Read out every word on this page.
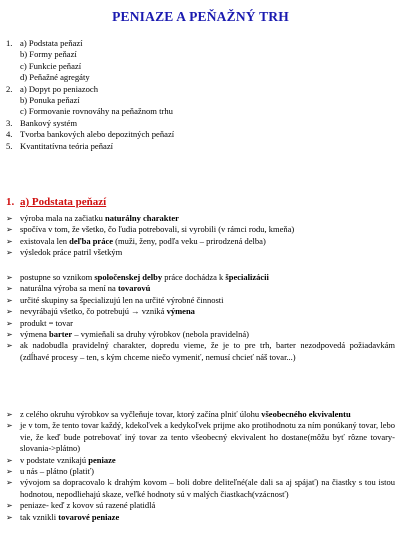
PENIAZE A PEŇAŽNÝ TRH
1. a) Podstata peňazí
b) Formy peňazí
c) Funkcie peňazí
d) Peňažné agregáty
2. a) Dopyt po peniazoch
b) Ponuka peňazí
c) Formovanie rovnováhy na peňažnom trhu
3. Bankový systém
4. Tvorba bankových alebo depozitných peňazí
5. Kvantitatívna teória peňazí
1. a) Podstata peňazí
➢ výroba mala na začiatku naturálny charakter
➢ spočíva v tom, že všetko, čo ľudia potrebovali, si vyrobili (v rámci rodu, kmeňa)
➢ existovala len deľba práce (muži, ženy, podľa veku – prirodzená delba)
➢ výsledok práce patril všetkým
➢ postupne so vznikom spoločenskej delby práce dochádza k špecializácii
➢ naturálna výroba sa mení na tovarovú
➢ určité skupiny sa špecializujú len na určité výrobné činnosti
➢ nevyrábajú všetko, čo potrebujú → vzniká výmena
➢ produkt = tovar
➢ výmena barter – vymieňali sa druhy výrobkov (nebola pravidelná)
➢ ak nadobudla pravidelný charakter, dopredu vieme, že je to pre trh, barter nezodpovedá požiadavkám (zdĺhavé procesy – ten, s kým chceme niečo vymeniť, nemusí chcieť náš tovar...)
➢ z celého okruhu výrobkov sa vyčleňuje tovar, ktorý začína plniť úlohu všeobecného ekvivalentu
➢ je v tom, že tento tovar každý, kdekoľvek a kedykoľvek prijme ako protihodnotu za ním ponúkaný tovar, lebo vie, že keď bude potrebovať iný tovar za tento všeobecný ekvivalent ho dostane(môžu byť rôzne tovary-slovania->plátno)
➢ v podstate vznikajú peniaze
➢ u nás – plátno (platiť)
➢ vývojom sa dopracovalo k drahým kovom – boli dobre deliteľné(ale dali sa aj spájať) na čiastky s tou istou hodnotou, nepodliehajú skaze, veľké hodnoty sú v malých čiastkach(vzácnosť)
➢ peniaze- keď z kovov sú razené platidlá
➢ tak vznikli tovarové peniaze
